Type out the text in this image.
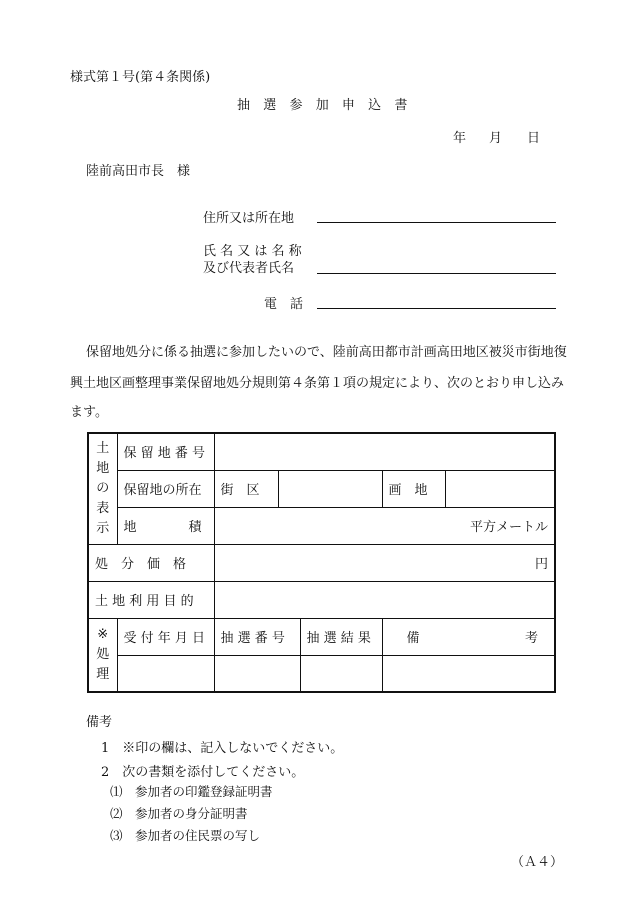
様式第１号(第４条関係)
抽 選 参 加 申 込 書
年 月 日
陸前高田市長　様
住所又は所在地
氏 名 又 は 名 称
及び代表者氏名
電　話
保留地処分に係る抽選に参加したいので、陸前高田都市計画高田地区被災市街地復
興土地区画整理事業保留地処分規則第４条第１項の規定により、次のとおり申し込み
ます。
土
地
の
表
示	保 留 地 番 号					
	保留地の所在	街　区			画　地	
	地　　　　積	平方メートル				
処　分　価　格		円				
土 地 利 用 目 的						
※
処
理	受 付 年 月 日	抽 選 番 号		抽 選 結 果	備 考	

備考
1　※印の欄は、記入しないでください。
2　次の書類を添付してください。
⑴　参加者の印鑑登録証明書
⑵　参加者の身分証明書
⑶　参加者の住民票の写し
（Ａ４）
